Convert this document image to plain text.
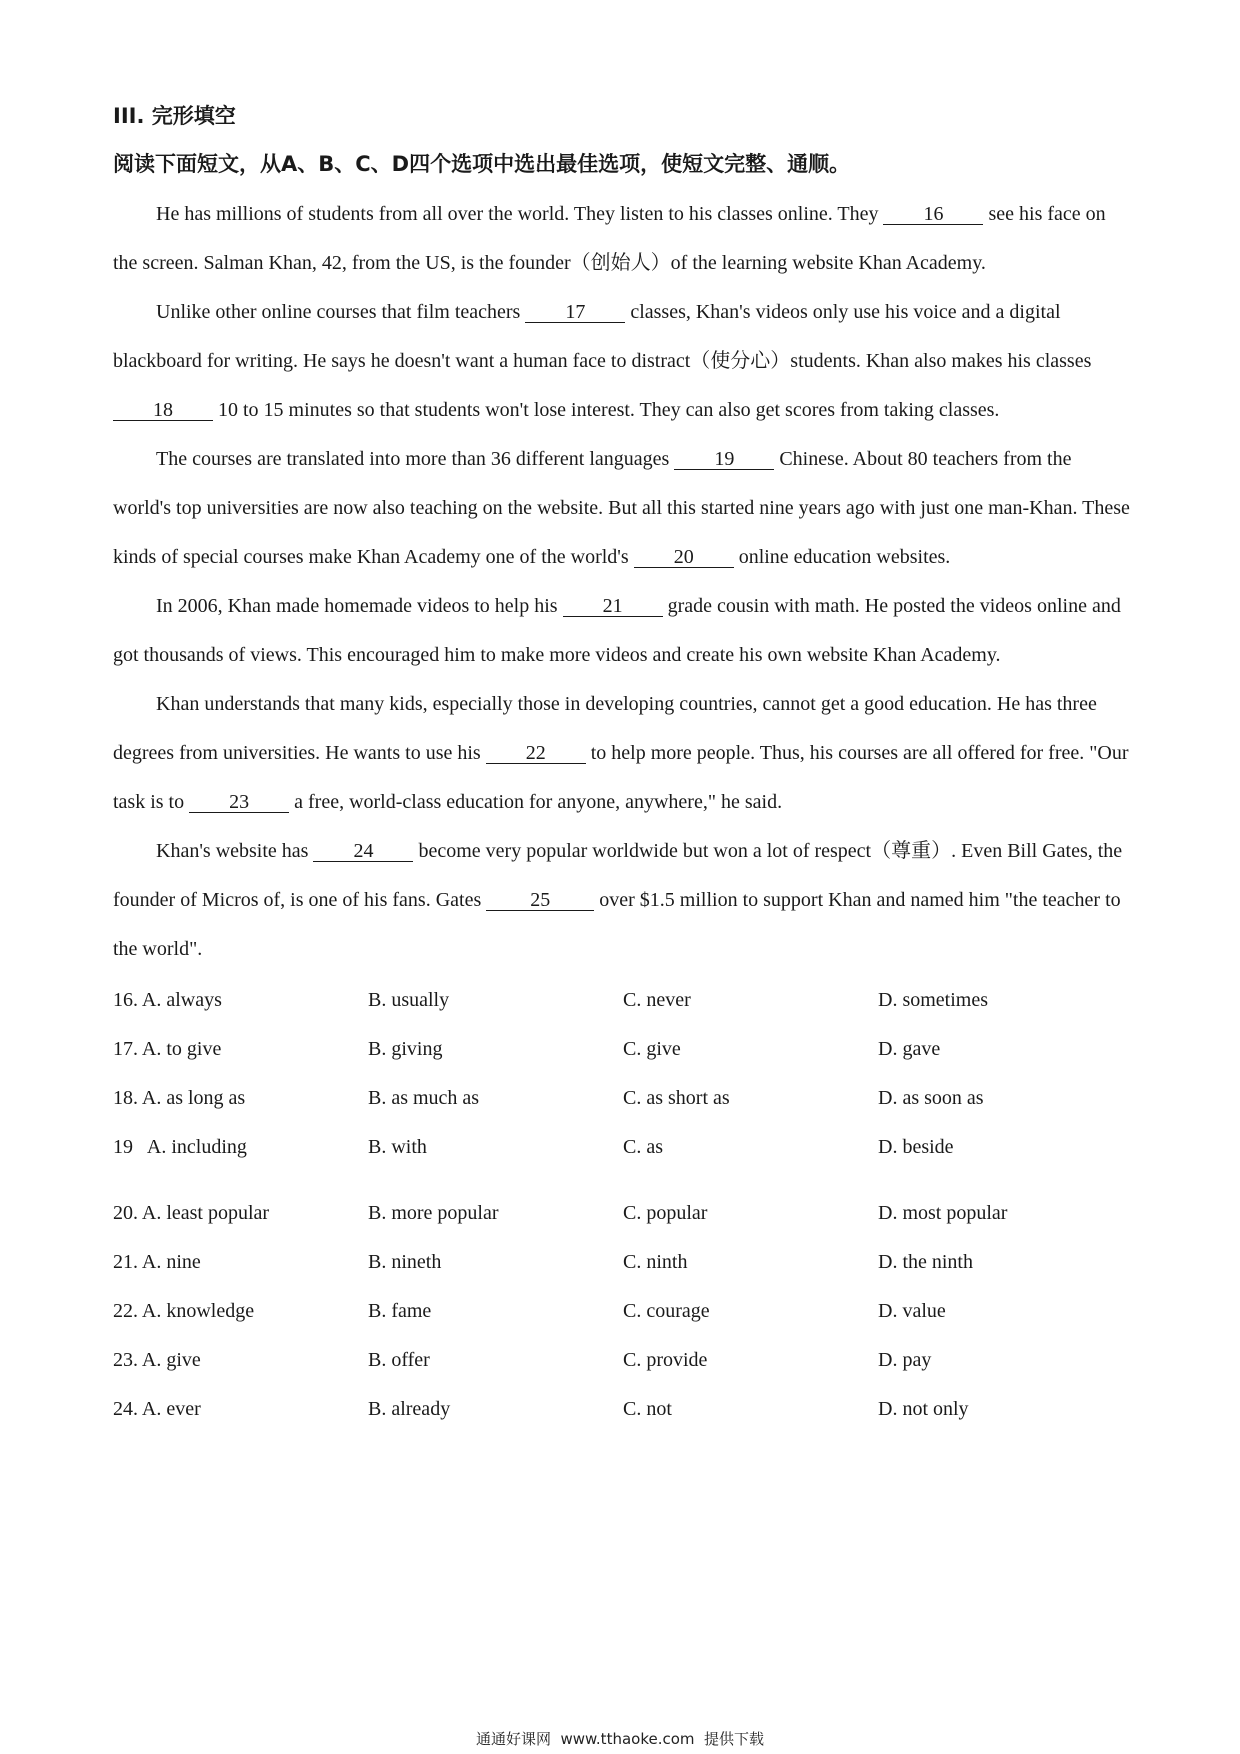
III. 完形填空
阅读下面短文，从A、B、C、D四个选项中选出最佳选项，使短文完整、通顺。

He has millions of students from all over the world. They listen to his classes online. They 16 see his face on the screen. Salman Khan, 42, from the US, is the founder（创始人）of the learning website Khan Academy.

Unlike other online courses that film teachers 17 classes, Khan's videos only use his voice and a digital blackboard for writing. He says he doesn't want a human face to distract（使分心）students. Khan also makes his classes 18 10 to 15 minutes so that students won't lose interest. They can also get scores from taking classes.

The courses are translated into more than 36 different languages 19 Chinese. About 80 teachers from the world's top universities are now also teaching on the website. But all this started nine years ago with just one man-Khan. These kinds of special courses make Khan Academy one of the world's 20 online education websites.

In 2006, Khan made homemade videos to help his 21 grade cousin with math. He posted the videos online and got thousands of views. This encouraged him to make more videos and create his own website Khan Academy.

Khan understands that many kids, especially those in developing countries, cannot get a good education. He has three degrees from universities. He wants to use his 22 to help more people. Thus, his courses are all offered for free. "Our task is to 23 a free, world-class education for anyone, anywhere," he said.

Khan's website has 24 become very popular worldwide but won a lot of respect（尊重）. Even Bill Gates, the founder of Micros of, is one of his fans. Gates 25 over $1.5 million to support Khan and named him "the teacher to the world".

16. A. always	B. usually	C. never	D. sometimes
17. A. to give	B. giving	C. give	D. gave
18. A. as long as	B. as much as	C. as short as	D. as soon as
19   A. including	B. with	C. as	D. beside
20. A. least popular	B. more popular	C. popular	D. most popular
21. A. nine	B. nineth	C. ninth	D. the ninth
22. A. knowledge	B. fame	C. courage	D. value
23. A. give	B. offer	C. provide	D. pay
24. A. ever	B. already	C. not	D. not only
通通好课网  www.tthaoke.com  提供下载
